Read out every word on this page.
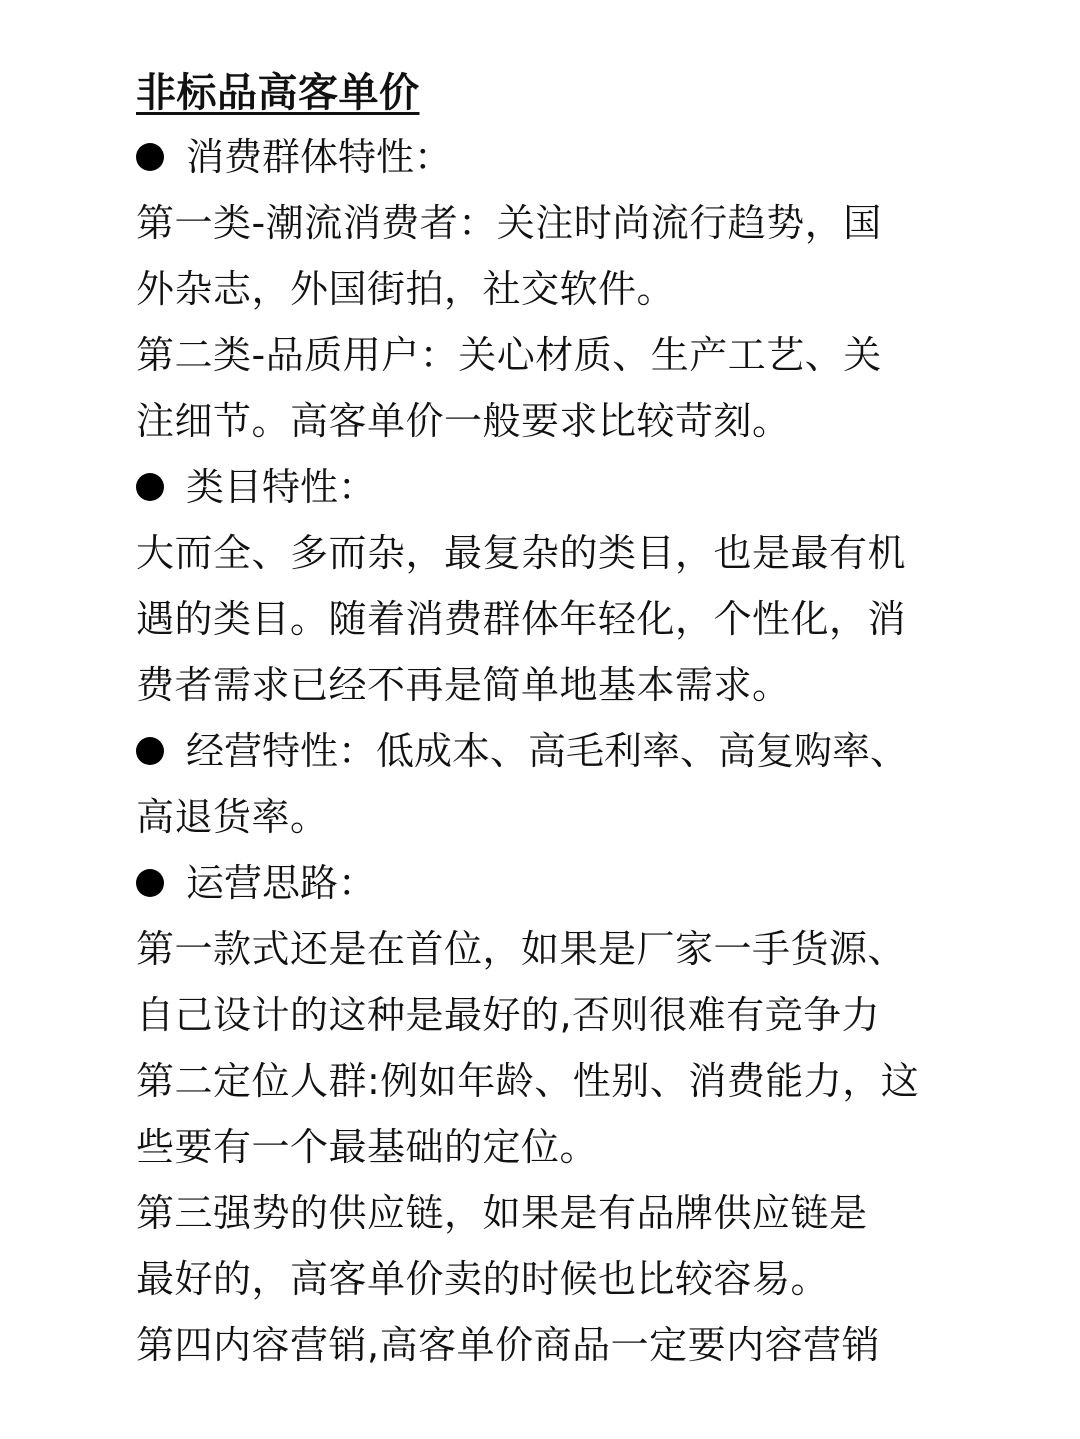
非标品高客单价

消费群体特性：

第一类-潮流消费者：关注时尚流行趋势，国

外杂志，外国街拍，社交软件。

第二类-品质用户：关心材质、生产工艺、关

注细节。高客单价一般要求比较苛刻。

类目特性：

大而全、多而杂，最复杂的类目，也是最有机

遇的类目。随着消费群体年轻化，个性化，消

费者需求已经不再是简单地基本需求。

经营特性：低成本、高毛利率、高复购率、

高退货率。

运营思路：

第一款式还是在首位，如果是厂家一手货源、

自己设计的这种是最好的,否则很难有竞争力

第二定位人群:例如年龄、性别、消费能力，这

些要有一个最基础的定位。

第三强势的供应链，如果是有品牌供应链是

最好的，高客单价卖的时候也比较容易。

第四内容营销,高客单价商品一定要内容营销
